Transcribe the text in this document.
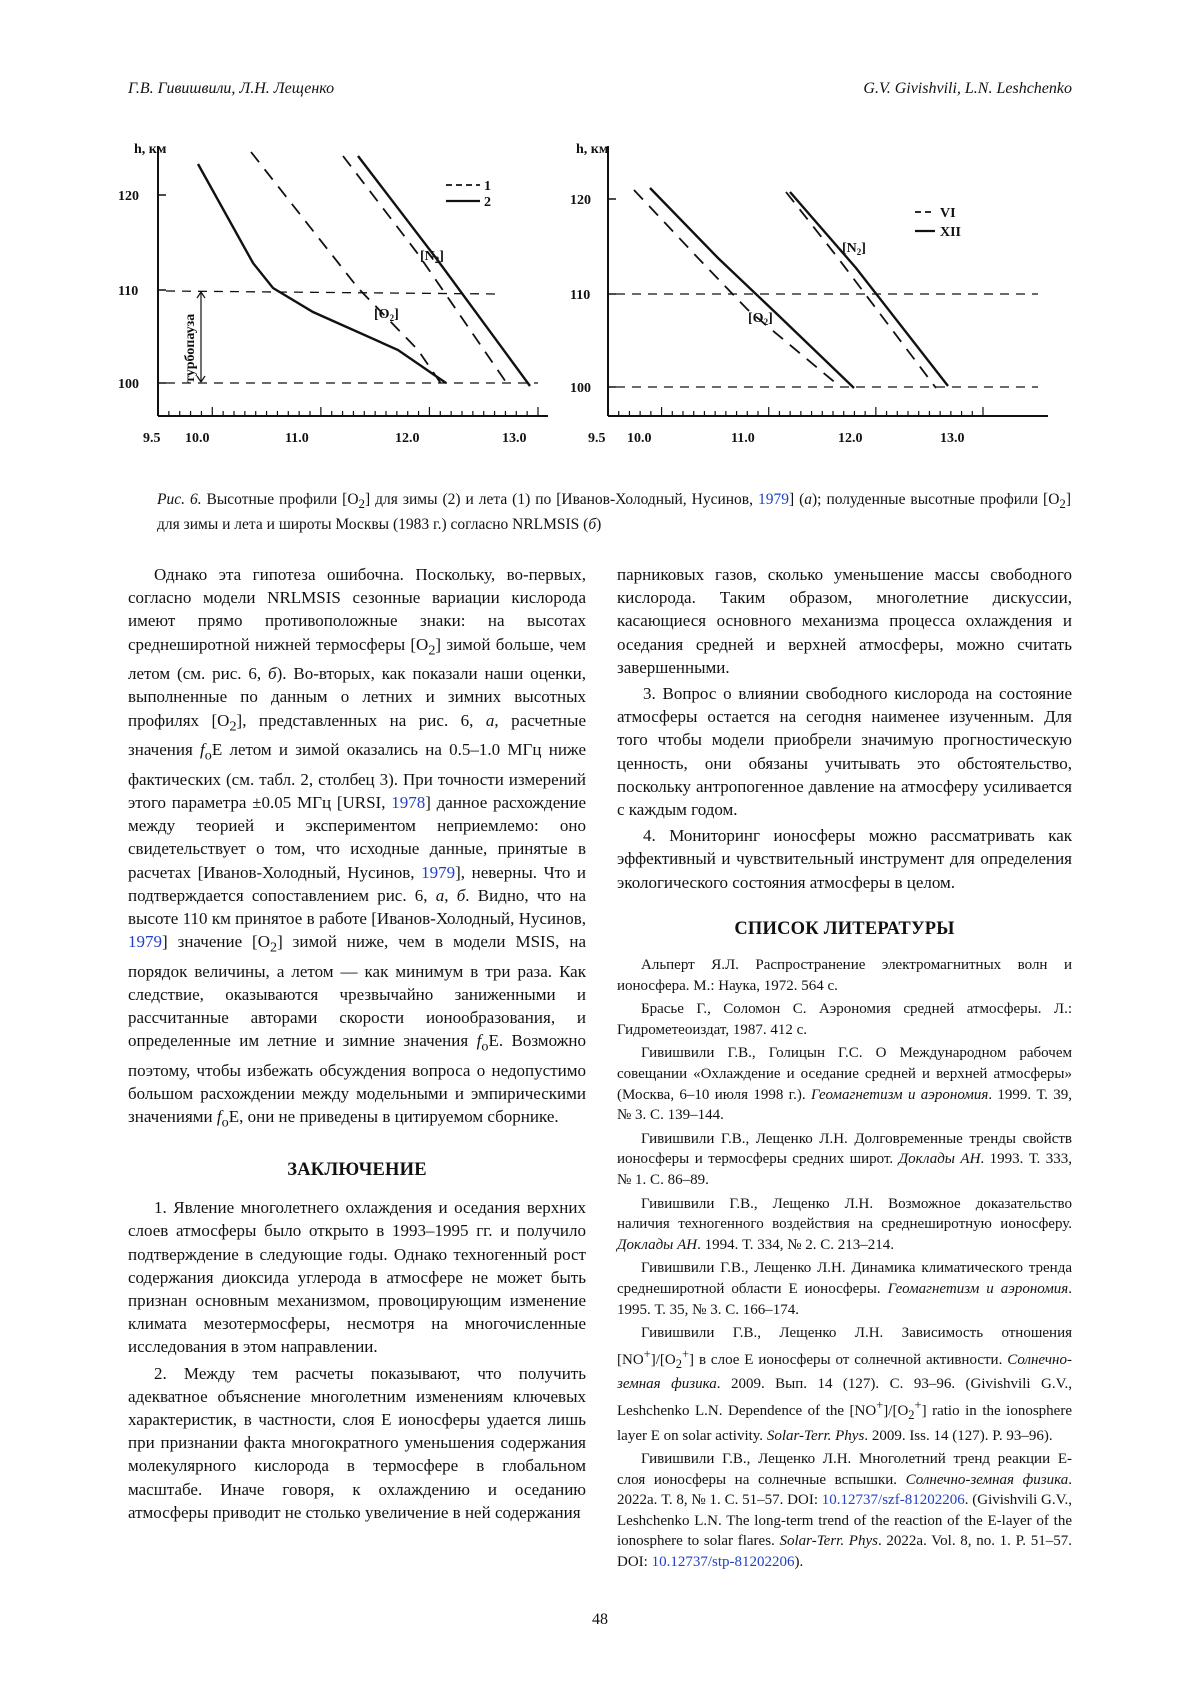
Г.В. Гивишвили, Л.Н. Лещенко	G.V. Givishvili, L.N. Leshchenko
h, км
120
110
100
9.5 10.0	11.0	12.0	13.0
турбопауза
$[N_2]$
$[O_2]$
1
2
h, км
120
110
100
9.5 10.0	11.0	12.0	13.0
$[N_2]$
$[O_2]$
VI
XII
Рис. 6. Высотные профили $[O_2]$ для зимы (2) и лета (1) по [Иванов-Холодный, Нусинов, 1979] (а); полуденные высотные профили $[O_2]$ для зимы и лета и широты Москвы (1983 г.) согласно NRLMSIS (б)

Однако эта гипотеза ошибочна. Поскольку, во-первых, согласно модели NRLMSIS сезонные вариации кислорода имеют прямо противоположные знаки: на высотах среднеширотной нижней термосферы $[O_2]$ зимой больше, чем летом (см. рис. 6, б). Во-вторых, как показали наши оценки, выполненные по данным о летних и зимних высотных профилях $[O_2]$, представленных на рис. 6, а, расчетные значения $f_oE$ летом и зимой оказались на 0.5–1.0 МГц ниже фактических (см. табл. 2, столбец 3). При точности измерений этого параметра ±0.05 МГц [URSI, 1978] данное расхождение между теорией и экспериментом неприемлемо: оно свидетельствует о том, что исходные данные, принятые в расчетах [Иванов-Холодный, Нусинов, 1979], неверны. Что и подтверждается сопоставлением рис. 6, а, б. Видно, что на высоте 110 км принятое в работе [Иванов-Холодный, Нусинов, 1979] значение $[O_2]$ зимой ниже, чем в модели MSIS, на порядок величины, а летом — как минимум в три раза. Как следствие, оказываются чрезвычайно заниженными и рассчитанные авторами скорости ионообразования, и определенные им летние и зимние значения $f_oE$. Возможно поэтому, чтобы избежать обсуждения вопроса о недопустимо большом расхождении между модельными и эмпирическими значениями $f_oE$, они не приведены в цитируемом сборнике.

ЗАКЛЮЧЕНИЕ

1. Явление многолетнего охлаждения и оседания верхних слоев атмосферы было открыто в 1993–1995 гг. и получило подтверждение в следующие годы. Однако техногенный рост содержания диоксида углерода в атмосфере не может быть признан основным механизмом, провоцирующим изменение климата мезотермосферы, несмотря на многочисленные исследования в этом направлении.

2. Между тем расчеты показывают, что получить адекватное объяснение многолетним изменениям ключевых характеристик, в частности, слоя E ионосферы удается лишь при признании факта многократного уменьшения содержания молекулярного кислорода в термосфере в глобальном масштабе. Иначе говоря, к охлаждению и оседанию атмосферы приводит не столько увеличение в ней содержания

парниковых газов, сколько уменьшение массы свободного кислорода. Таким образом, многолетние дискуссии, касающиеся основного механизма процесса охлаждения и оседания средней и верхней атмосферы, можно считать завершенными.

3. Вопрос о влиянии свободного кислорода на состояние атмосферы остается на сегодня наименее изученным. Для того чтобы модели приобрели значимую прогностическую ценность, они обязаны учитывать это обстоятельство, поскольку антропогенное давление на атмосферу усиливается с каждым годом.

4. Мониторинг ионосферы можно рассматривать как эффективный и чувствительный инструмент для определения экологического состояния атмосферы в целом.

СПИСОК ЛИТЕРАТУРЫ

Альперт Я.Л. Распространение электромагнитных волн и ионосфера. М.: Наука, 1972. 564 с.

Брасье Г., Соломон С. Аэрономия средней атмосферы. Л.: Гидрометеоиздат, 1987. 412 с.

Гивишвили Г.В., Голицын Г.С. О Международном рабочем совещании «Охлаждение и оседание средней и верхней атмосферы» (Москва, 6–10 июля 1998 г.). Геомагнетизм и аэрономия. 1999. Т. 39, № 3. С. 139–144.

Гивишвили Г.В., Лещенко Л.Н. Долговременные тренды свойств ионосферы и термосферы средних широт. Доклады АН. 1993. Т. 333, № 1. С. 86–89.

Гивишвили Г.В., Лещенко Л.Н. Возможное доказательство наличия техногенного воздействия на среднеширотную ионосферу. Доклады АН. 1994. Т. 334, № 2. С. 213–214.

Гивишвили Г.В., Лещенко Л.Н. Динамика климатического тренда среднеширотной области E ионосферы. Геомагнетизм и аэрономия. 1995. Т. 35, № 3. С. 166–174.

Гивишвили Г.В., Лещенко Л.Н. Зависимость отношения $[NO^+]/[O_2^+]$ в слое E ионосферы от солнечной активности. Солнечно-земная физика. 2009. Вып. 14 (127). С. 93–96. (Givishvili G.V., Leshchenko L.N. Dependence of the $[NO^+]/[O_2^+]$ ratio in the ionosphere layer E on solar activity. Solar-Terr. Phys. 2009. Iss. 14 (127). P. 93–96).

Гивишвили Г.В., Лещенко Л.Н. Многолетний тренд реакции E-слоя ионосферы на солнечные вспышки. Солнечно-земная физика. 2022a. Т. 8, № 1. С. 51–57. DOI: 10.12737/szf-81202206. (Givishvili G.V., Leshchenko L.N. The long-term trend of the reaction of the E-layer of the ionosphere to solar flares. Solar-Terr. Phys. 2022a. Vol. 8, no. 1. P. 51–57. DOI: 10.12737/stp-81202206).

48
